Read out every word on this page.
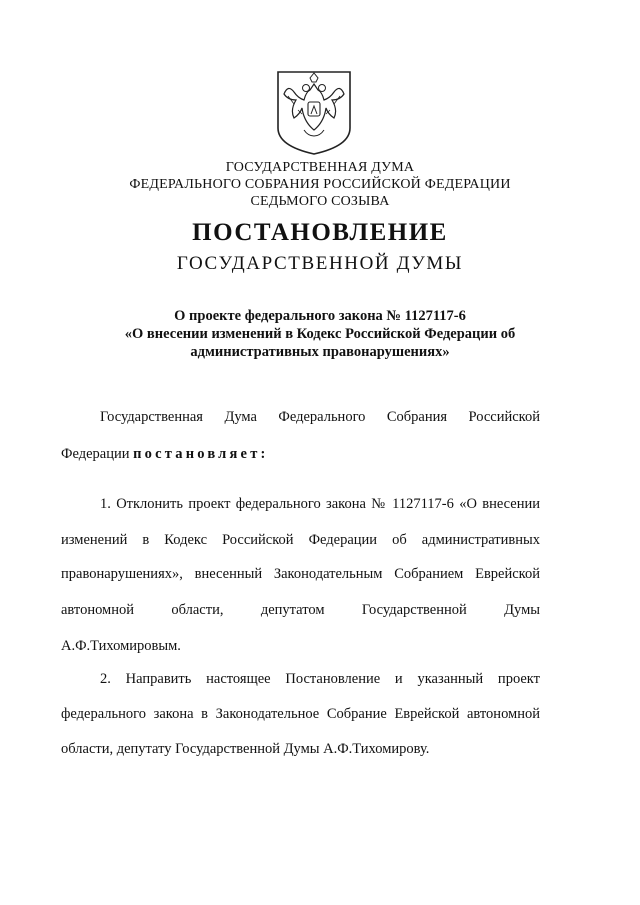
ГОСУДАРСТВЕННАЯ ДУМА
ФЕДЕРАЛЬНОГО СОБРАНИЯ РОССИЙСКОЙ ФЕДЕРАЦИИ
СЕДЬМОГО СОЗЫВА
ПОСТАНОВЛЕНИЕ
ГОСУДАРСТВЕННОЙ ДУМЫ
О проекте федерального закона № 1127117-6
«О внесении изменений в Кодекс Российской Федерации об
административных правонарушениях»
Государственная Дума Федерального Собрания Российской
Федерации постановляет:
1. Отклонить проект федерального закона № 1127117-6 «О внесении
изменений в Кодекс Российской Федерации об административных
правонарушениях», внесенный Законодательным Собранием Еврейской
автономной области, депутатом Государственной Думы
А.Ф.Тихомировым.
2. Направить настоящее Постановление и указанный проект
федерального закона в Законодательное Собрание Еврейской автономной
области, депутату Государственной Думы А.Ф.Тихомирову.
